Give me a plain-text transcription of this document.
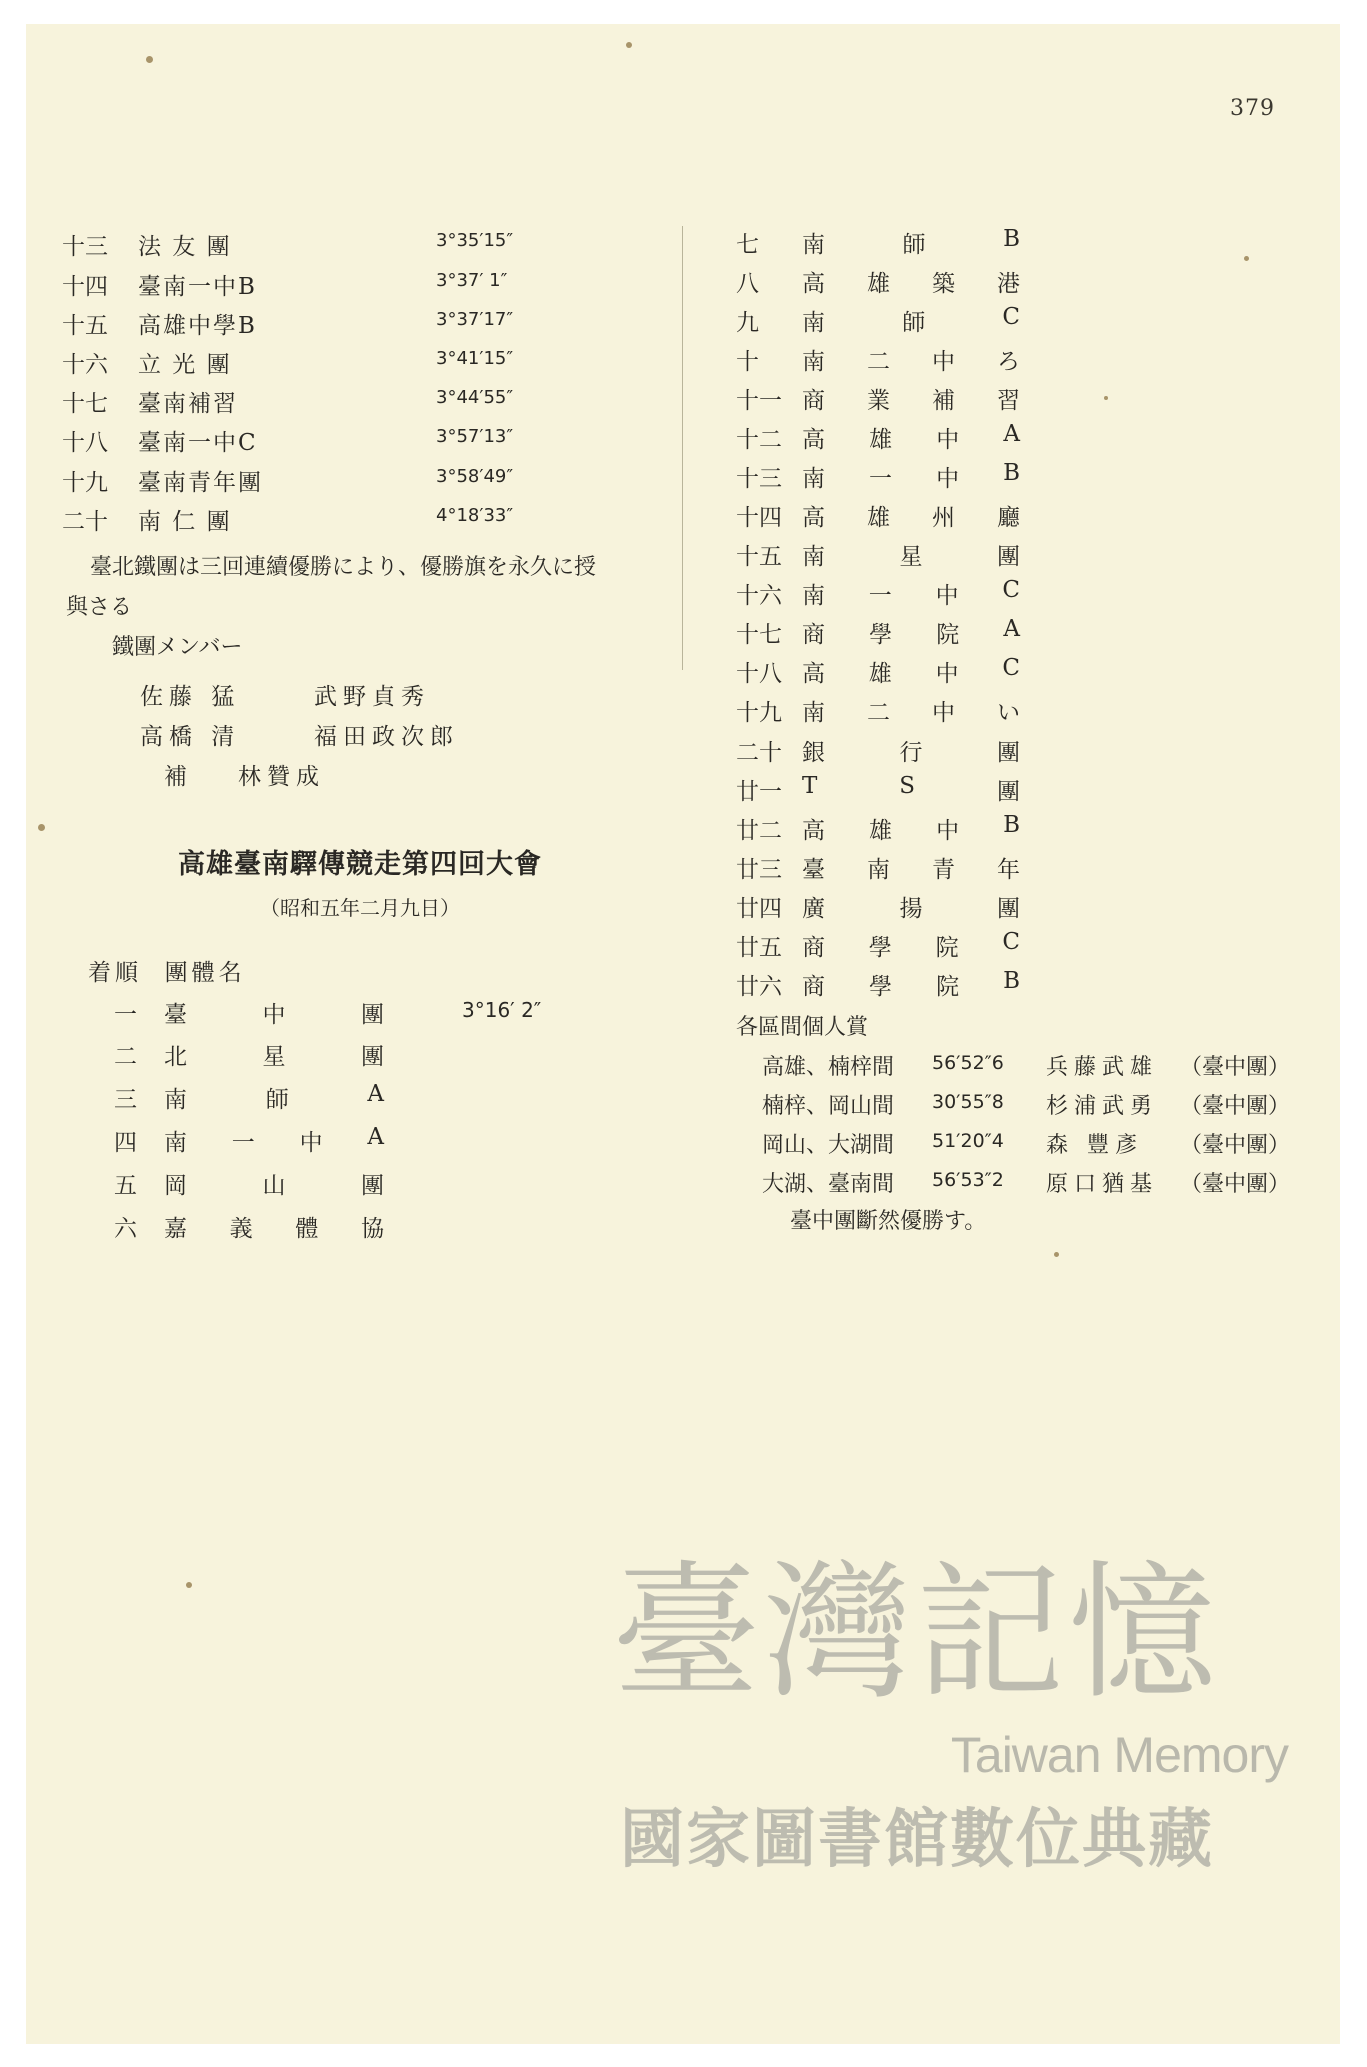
379
十三	法 友 團	3°35′15″
十四	臺南一中B	3°37′ 1″
十五	高雄中學B	3°37′17″
十六	立 光 團	3°41′15″
十七	臺南補習	3°44′55″
十八	臺南一中C	3°57′13″
十九	臺南青年團	3°58′49″
二十	南 仁 團	4°18′33″
臺北鐵團は三回連續優勝により、優勝旗を永久に授
與さる
鐵團メンバー
佐藤 猛	武野貞秀
高橋 清	福田政次郎
補 林贊成
高雄臺南驛傳競走第四回大會
（昭和五年二月九日）
着順 團體名
一	臺	中	團	3°16′ 2″
二	北	星	團
三	南	師	A
四	南 一 中 A
五	岡	山	團
六	嘉 義 體 協
七	南	師	B
八	高 雄 築 港
九	南	師	C
十	南 二 中 ろ
十一 商 業 補 習
十二 高 雄 中 A
十三 南 一 中 B
十四 高 雄 州 廳
十五 南	星	團
十六 南 一 中 C
十七 商 學 院 A
十八 高 雄 中 C
十九 南 二 中 い
二十 銀	行	團
廿一 T	S	團
廿二 高 雄 中 B
廿三 臺 南 青 年
廿四 廣	揚	團
廿五 商 學 院 C
廿六 商 學 院 B
各區間個人賞
高雄、楠梓間	56′52″6	兵藤武雄 （臺中團）
楠梓、岡山間	30′55″8	杉浦武勇 （臺中團）
岡山、大湖間	51′20″4	森 豐彥	（臺中團）
大湖、臺南間	56′53″2	原口猶基 （臺中團）
臺中團斷然優勝す。
臺灣記憶
Taiwan Memory
國家圖書館數位典藏
